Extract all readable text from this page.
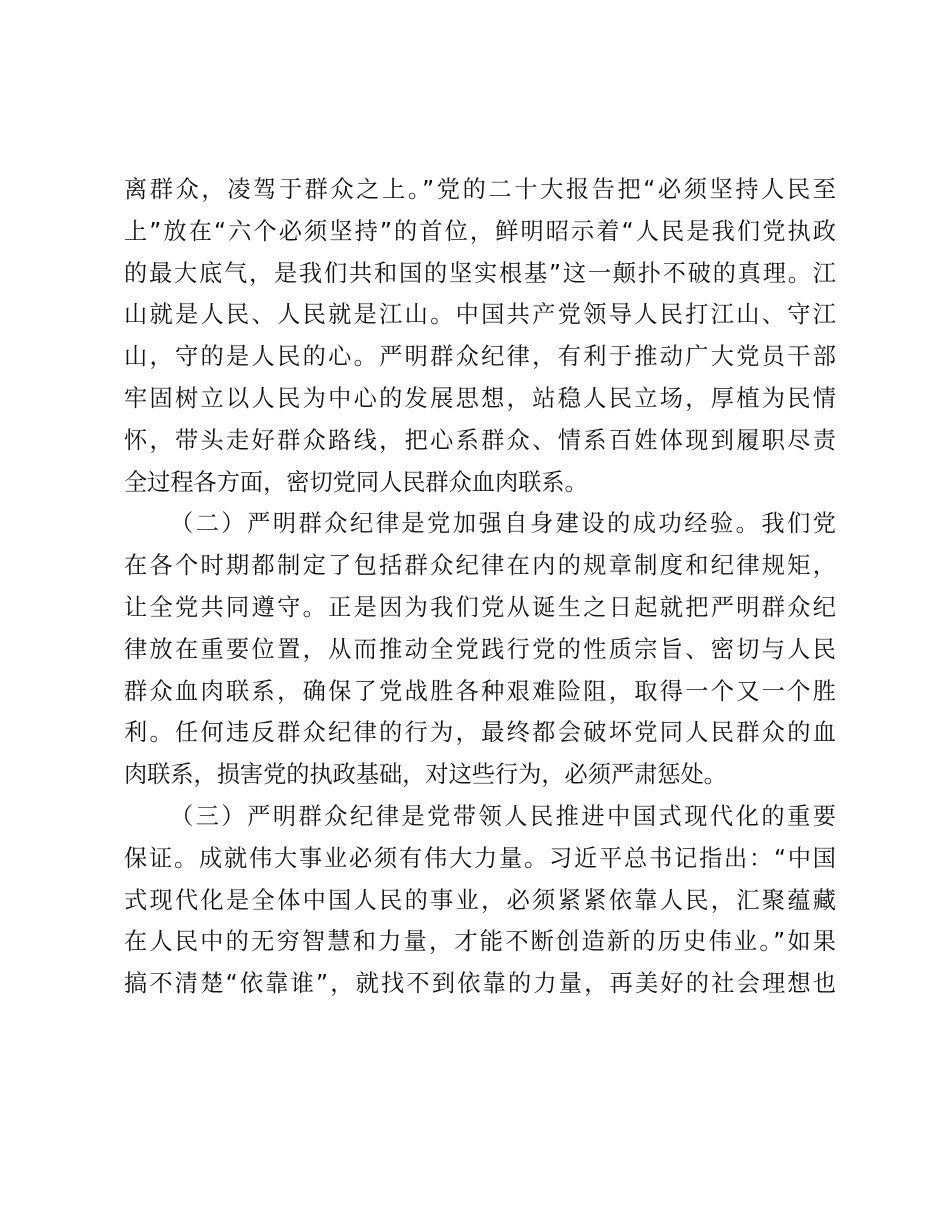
离群众，凌驾于群众之上。”党的二十大报告把“必须坚持人民至
上”放在“六个必须坚持”的首位，鲜明昭示着“人民是我们党执政
的最大底气，是我们共和国的坚实根基”这一颠扑不破的真理。江
山就是人民、人民就是江山。中国共产党领导人民打江山、守江
山，守的是人民的心。严明群众纪律，有利于推动广大党员干部
牢固树立以人民为中心的发展思想，站稳人民立场，厚植为民情
怀，带头走好群众路线，把心系群众、情系百姓体现到履职尽责
全过程各方面，密切党同人民群众血肉联系。
（二）严明群众纪律是党加强自身建设的成功经验。我们党
在各个时期都制定了包括群众纪律在内的规章制度和纪律规矩，
让全党共同遵守。正是因为我们党从诞生之日起就把严明群众纪
律放在重要位置，从而推动全党践行党的性质宗旨、密切与人民
群众血肉联系，确保了党战胜各种艰难险阻，取得一个又一个胜
利。任何违反群众纪律的行为，最终都会破坏党同人民群众的血
肉联系，损害党的执政基础，对这些行为，必须严肃惩处。
（三）严明群众纪律是党带领人民推进中国式现代化的重要
保证。成就伟大事业必须有伟大力量。习近平总书记指出：“中国
式现代化是全体中国人民的事业，必须紧紧依靠人民，汇聚蕴藏
在人民中的无穷智慧和力量，才能不断创造新的历史伟业。”如果
搞不清楚“依靠谁”，就找不到依靠的力量，再美好的社会理想也
